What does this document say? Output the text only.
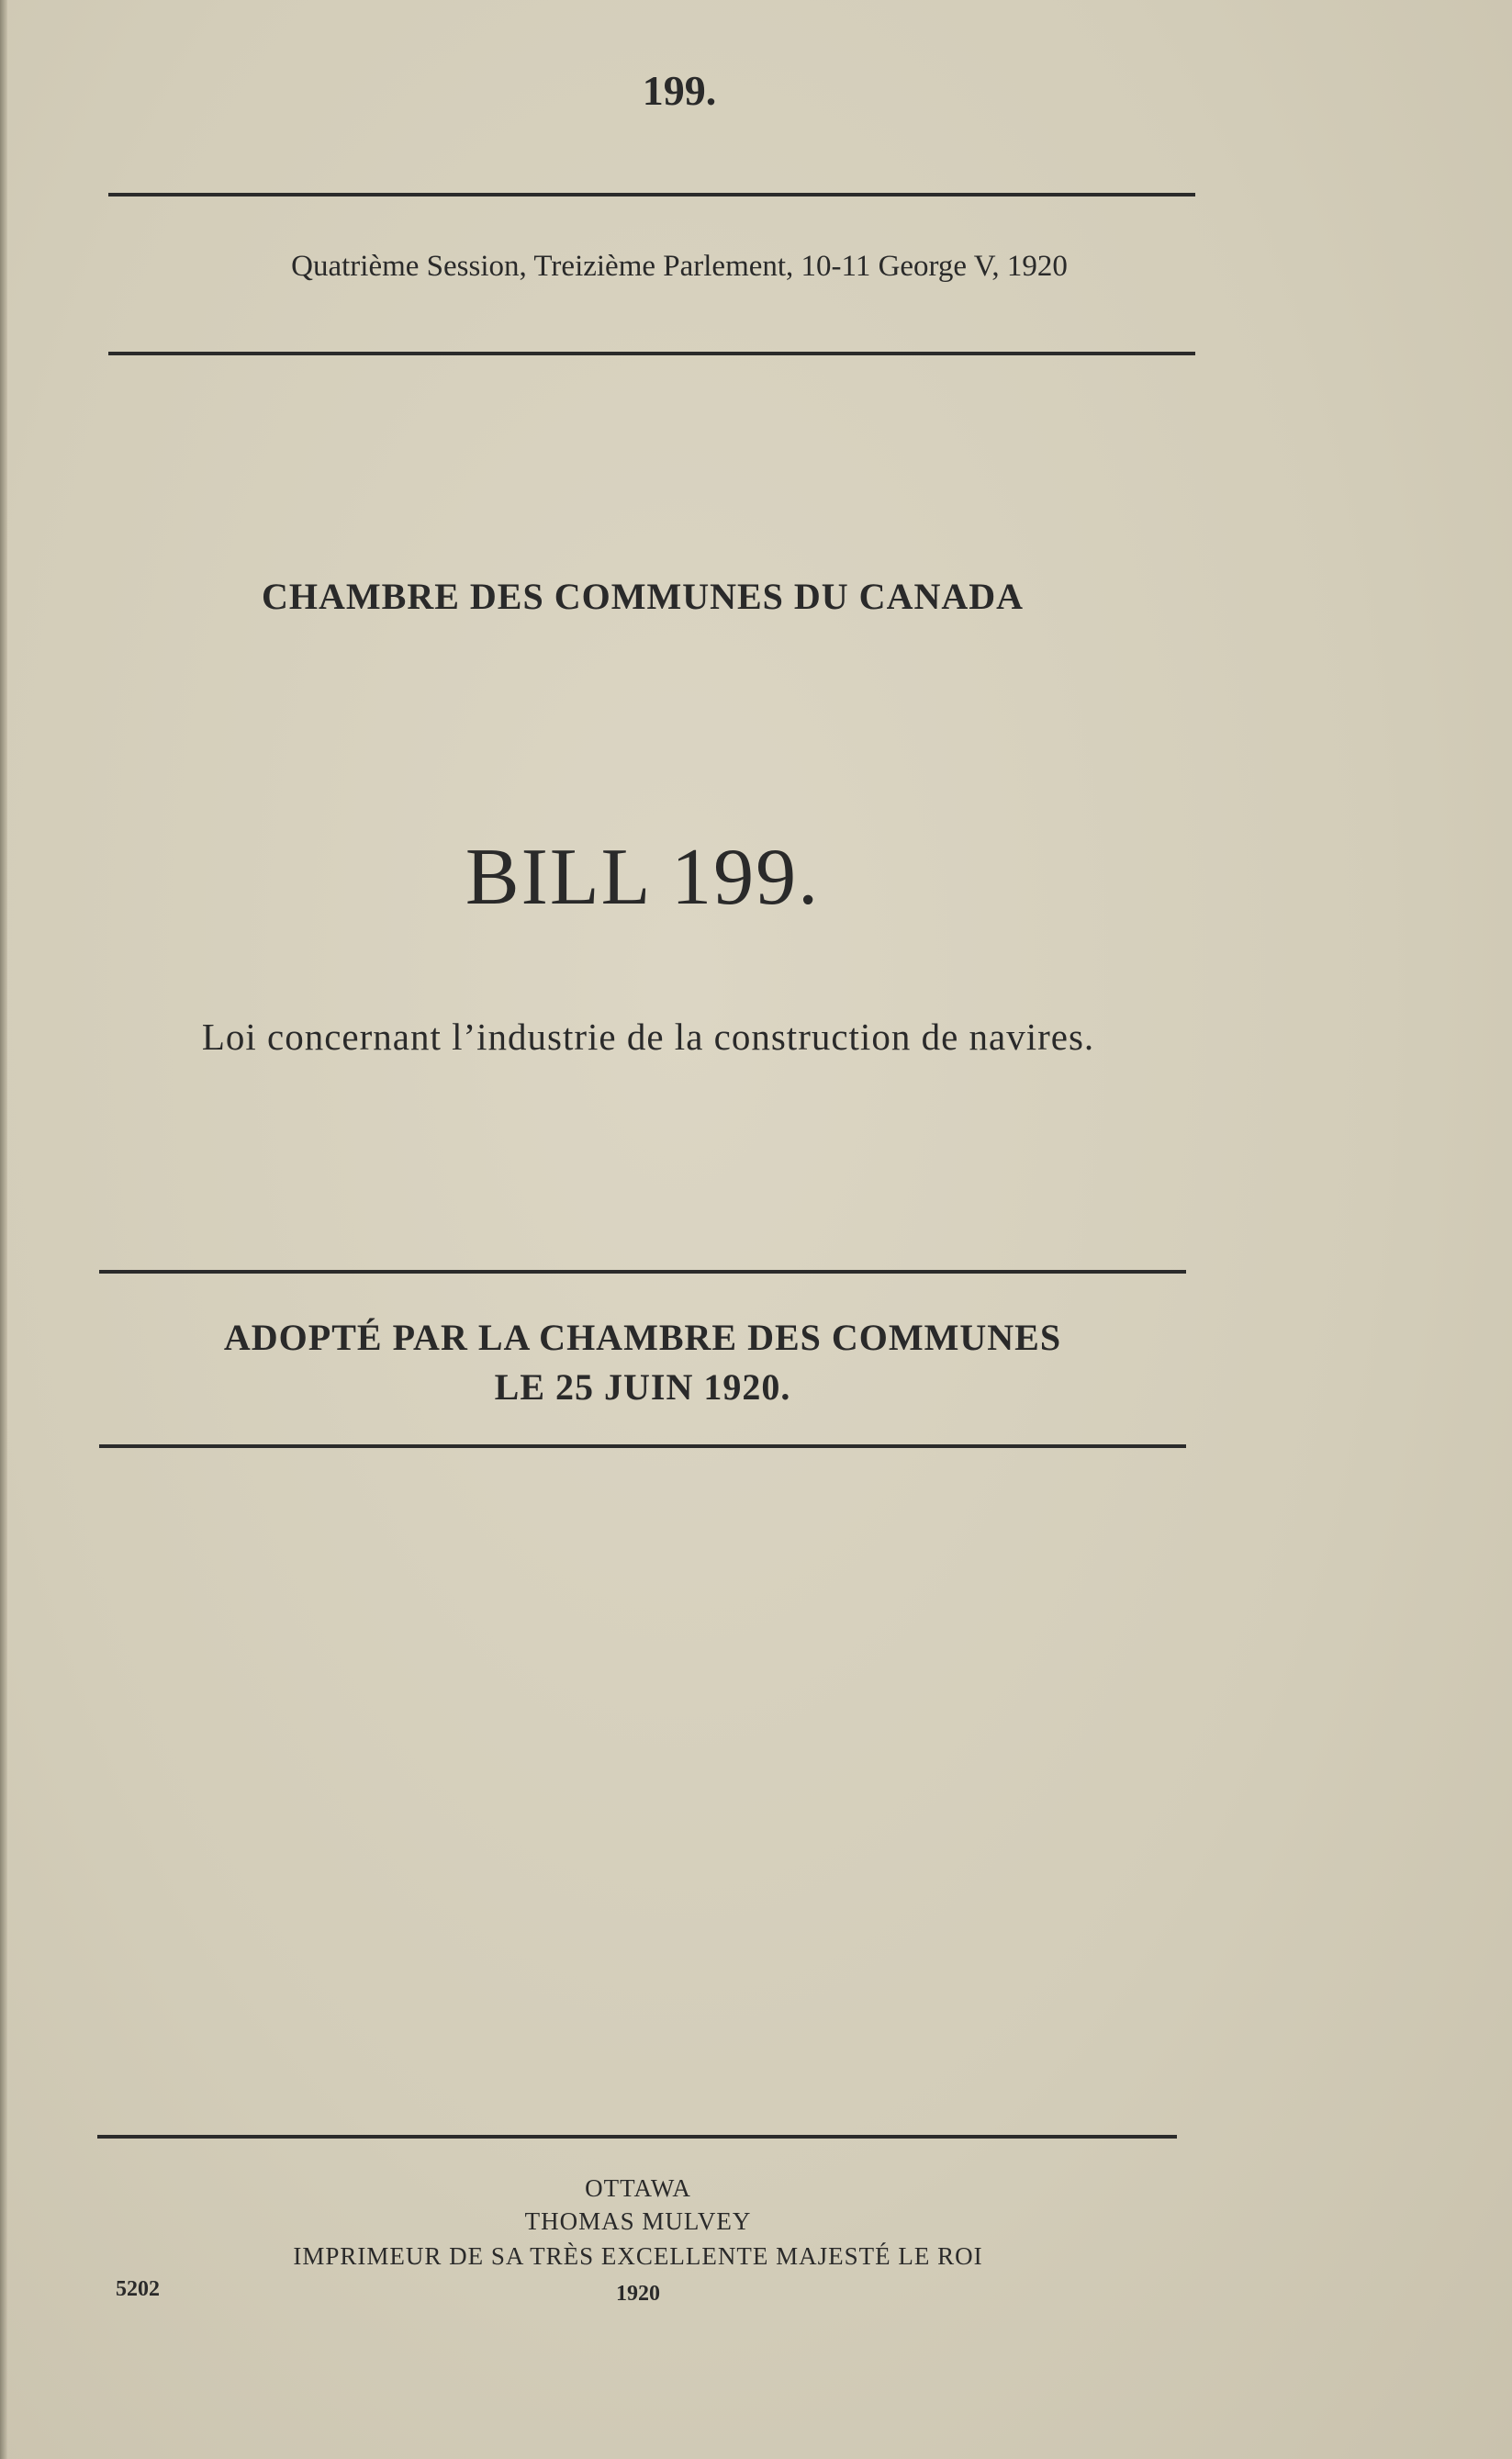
199.
Quatrième Session, Treizième Parlement, 10-11 George V, 1920
CHAMBRE DES COMMUNES DU CANADA
BILL 199.
Loi concernant l’industrie de la construction de navires.
ADOPTÉ PAR LA CHAMBRE DES COMMUNES
LE 25 JUIN 1920.
OTTAWA
THOMAS MULVEY
IMPRIMEUR DE SA TRÈS EXCELLENTE MAJESTÉ LE ROI
1920
5202
